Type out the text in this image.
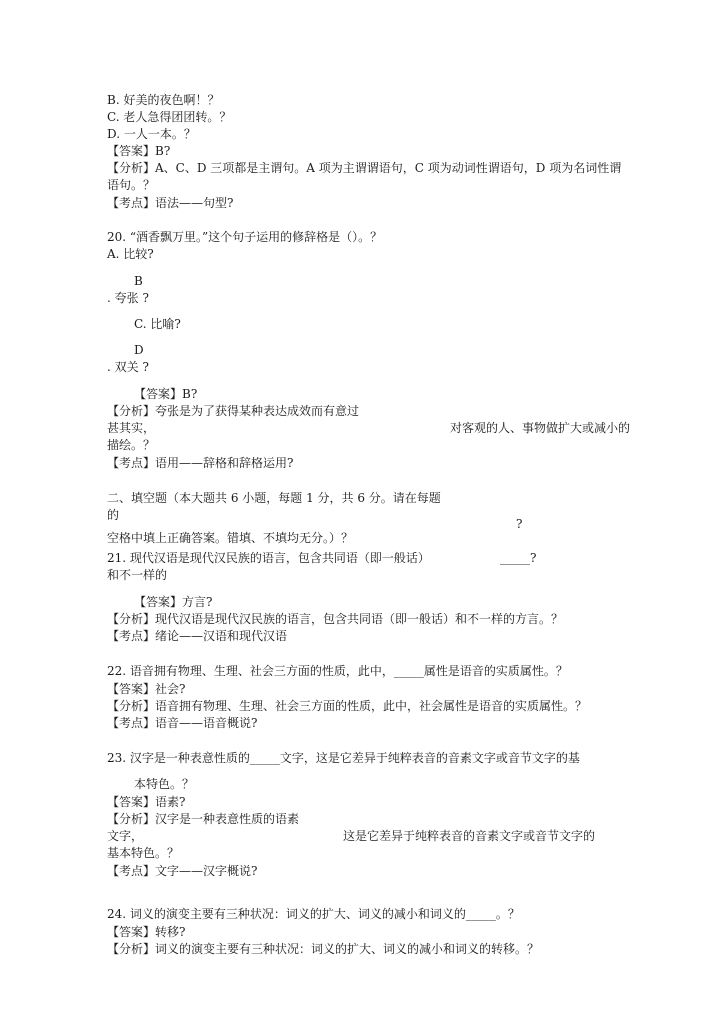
B. 好美的夜色啊！？
C. 老人急得团团转。？
D. 一人一本。？
【答案】B?
【分析】A、C、D 三项都是主谓句。A 项为主谓谓语句，C 项为动词性谓语句，D 项为名词性谓
语句。？
【考点】语法——句型?
20. “酒香飘万里。”这个句子运用的修辞格是（）。？
A. 比较?
B
. 夸张 ?
C. 比喻?
D
. 双关 ?
【答案】B?
【分析】夸张是为了获得某种表达成效而有意过
甚其实，	对客观的人、事物做扩大或减小的
描绘。？
【考点】语用——辞格和辞格运用?
二、填空题（本大题共 6 小题，每题 1 分，共 6 分。请在每题
的
?
空格中填上正确答案。错填、不填均无分。）？
21. 现代汉语是现代汉民族的语言，包含共同语（即一般话）	_____?
和不一样的
【答案】方言?
【分析】现代汉语是现代汉民族的语言，包含共同语（即一般话）和不一样的方言。？
【考点】绪论——汉语和现代汉语
22. 语音拥有物理、生理、社会三方面的性质，此中，_____属性是语音的实质属性。？
【答案】社会?
【分析】语音拥有物理、生理、社会三方面的性质，此中，社会属性是语音的实质属性。？
【考点】语音——语音概说?
23. 汉字是一种表意性质的_____文字，这是它差异于纯粹表音的音素文字或音节文字的基
本特色。？
【答案】语素?
【分析】汉字是一种表意性质的语素
文字，	这是它差异于纯粹表音的音素文字或音节文字的
基本特色。？
【考点】文字——汉字概说?
24. 词义的演变主要有三种状况：词义的扩大、词义的减小和词义的_____。？
【答案】转移?
【分析】词义的演变主要有三种状况：词义的扩大、词义的减小和词义的转移。？
